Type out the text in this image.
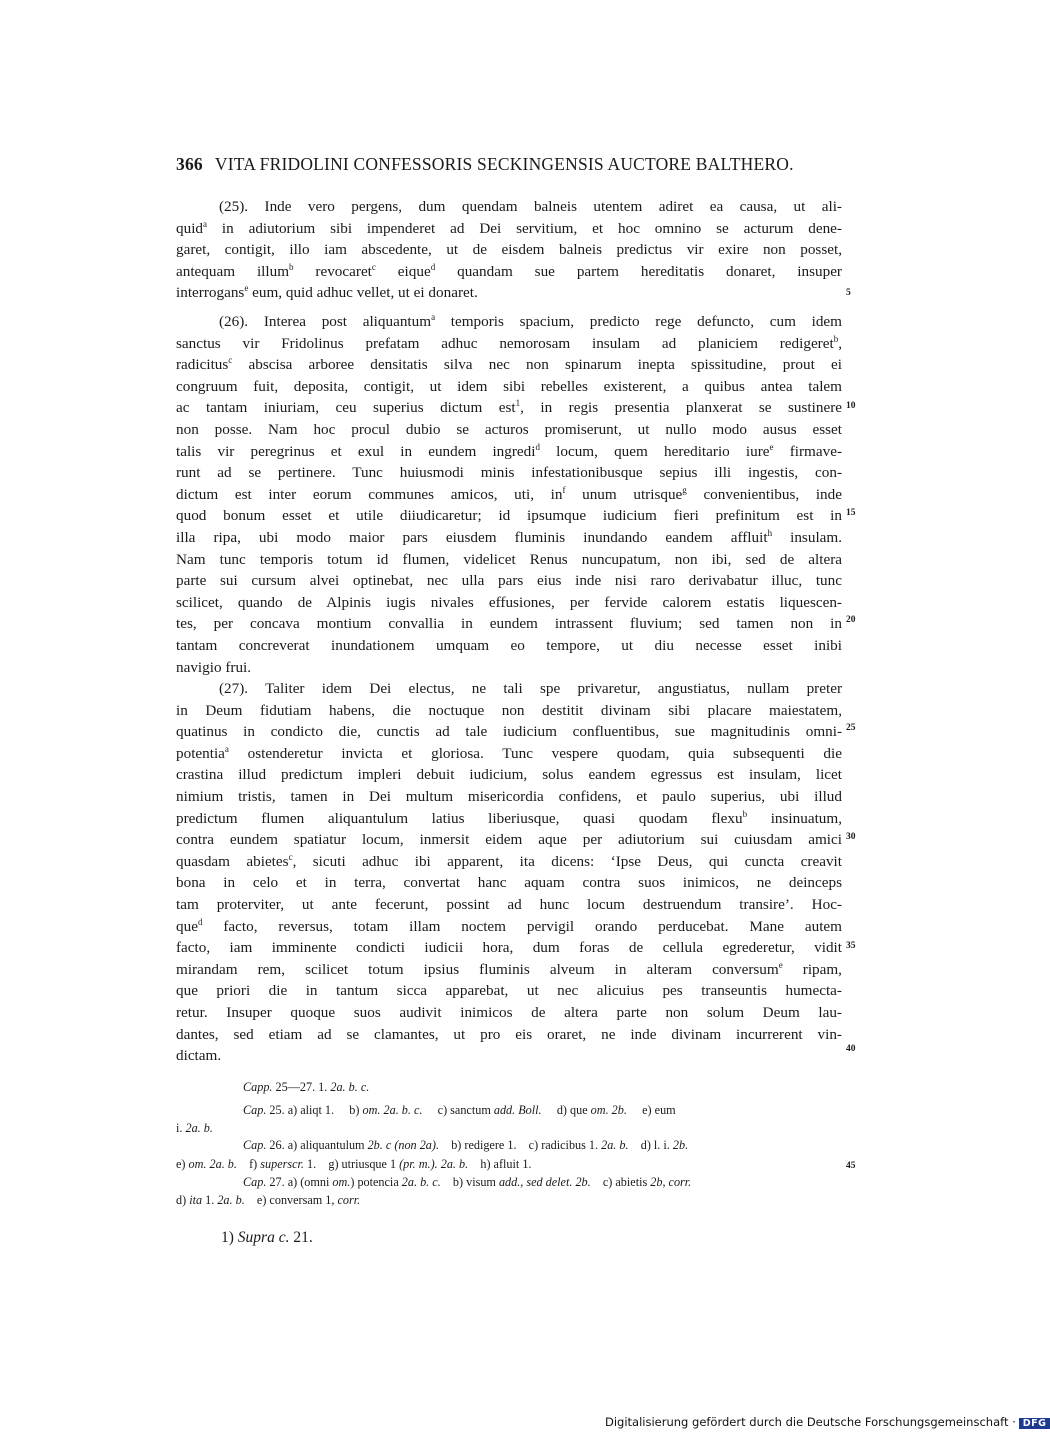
366 VITA FRIDOLINI CONFESSORIS SECKINGENSIS AUCTORE BALTHERO.
(25). Inde vero pergens, dum quendam balneis utentem adiret ea causa, ut ali-
quid$^a$ in adiutorium sibi impenderet ad Dei servitium, et hoc omnino se acturum dene-
garet, contigit, illo iam abscedente, ut de eisdem balneis predictus vir exire non posset,
antequam illum$^b$ revocaret$^c$ eique$^d$ quandam sue partem hereditatis donaret, insuper
interrogans$^e$ eum, quid adhuc vellet, ut ei donaret.
(26). Interea post aliquantum$^a$ temporis spacium, predicto rege defuncto, cum idem
sanctus vir Fridolinus prefatam adhuc nemorosam insulam ad planiciem redigeret$^b$,
radicitus$^c$ abscisa arboree densitatis silva nec non spinarum inepta spissitudine, prout ei
congruum fuit, deposita, contigit, ut idem sibi rebelles existerent, a quibus antea talem
ac tantam iniuriam, ceu superius dictum est$^1$, in regis presentia planxerat se sustinere
non posse. Nam hoc procul dubio se acturos promiserunt, ut nullo modo ausus esset
talis vir peregrinus et exul in eundem ingredi$^d$ locum, quem hereditario iure$^e$ firmave-
runt ad se pertinere. Tunc huiusmodi minis infestationibusque sepius illi ingestis, con-
dictum est inter eorum communes amicos, uti, $in^f$ unum utrisque$^g$ convenientibus, inde
quod bonum esset et utile diiudicaretur; id ipsumque iudicium fieri prefinitum est in
illa ripa, ubi modo maior pars eiusdem fluminis inundando eandem affluit$^h$ insulam.
Nam tunc temporis totum id flumen, videlicet Renus nuncupatum, non ibi, sed de altera
parte sui cursum alvei optinebat, nec ulla pars eius inde nisi raro derivabatur illuc, tunc
scilicet, quando de Alpinis iugis nivales effusiones, per fervide calorem estatis liquescen-
tes, per concava montium convallia in eundem intrassent fluvium; sed tamen non in
tantam concreverat inundationem umquam eo tempore, ut diu necesse esset inibi
navigio frui.
(27). Taliter idem Dei electus, ne tali spe privaretur, angustiatus, nullam preter
in Deum fidutiam habens, die noctuque non destitit divinam sibi placare maiestatem,
quatinus in condicto die, cunctis ad tale iudicium confluentibus, sue magnitudinis omni-
potentia$^a$ ostenderetur invicta et gloriosa. Tunc vespere quodam, quia subsequenti die
crastina illud predictum impleri debuit iudicium, solus eandem egressus est insulam, licet
nimium tristis, tamen in Dei multum misericordia confidens, et paulo superius, ubi illud
predictum flumen aliquantulum latius liberiusque, quasi quodam flexu$^b$ insinuatum,
contra eundem spatiatur locum, inmersit eidem aque per adiutorium sui cuiusdam amici
quasdam abietes$^c$, sicuti adhuc ibi apparent, ita dicens: ‘Ipse Deus, qui cuncta creavit
bona in celo et in terra, convertat hanc aquam contra suos inimicos, ne deinceps
tam proterviter, ut ante fecerunt, possint ad hunc locum destruendum transire’. Hoc-
que$^d$ facto, reversus, totam illam noctem pervigil orando perducebat. Mane autem
facto, iam imminente condicti iudicii hora, dum foras de cellula egrederetur, vidit
mirandam rem, scilicet totum ipsius fluminis alveum in alteram conversum$^e$ ripam,
que priori die in tantum sicca apparebat, ut nec alicuius pes transeuntis humecta-
retur. Insuper quoque suos audivit inimicos de altera parte non solum Deum lau-
dantes, sed etiam ad se clamantes, ut pro eis oraret, ne inde divinam incurrerent vin-
dictam.
5
10
15
20
25
30
35
40
45
Capp. 25—27. 1. 2a. b. c.
Cap. 25. a) aliqt 1.     b) om. 2a. b. c.     c) sanctum add. Boll.     d) que om. 2b.     e) eum
i. 2a. b.
Cap. 26. a) aliquantulum 2b. c (non 2a).    b) redigere 1.    c) radicibus 1. 2a. b.    d) l. i. 2b.
e) om. 2a. b.    f) superscr. 1.    g) utriusque 1 (pr. m.). 2a. b.    h) afluit 1.
Cap. 27. a) (omni om.) potencia 2a. b. c.    b) visum add., sed delet. 2b.    c) abietis 2b, corr.
d) ita 1. 2a. b.    e) conversam 1, corr.
1) Supra c. 21.
Digitalisierung gefördert durch die Deutsche Forschungsgemeinschaft · DFG
